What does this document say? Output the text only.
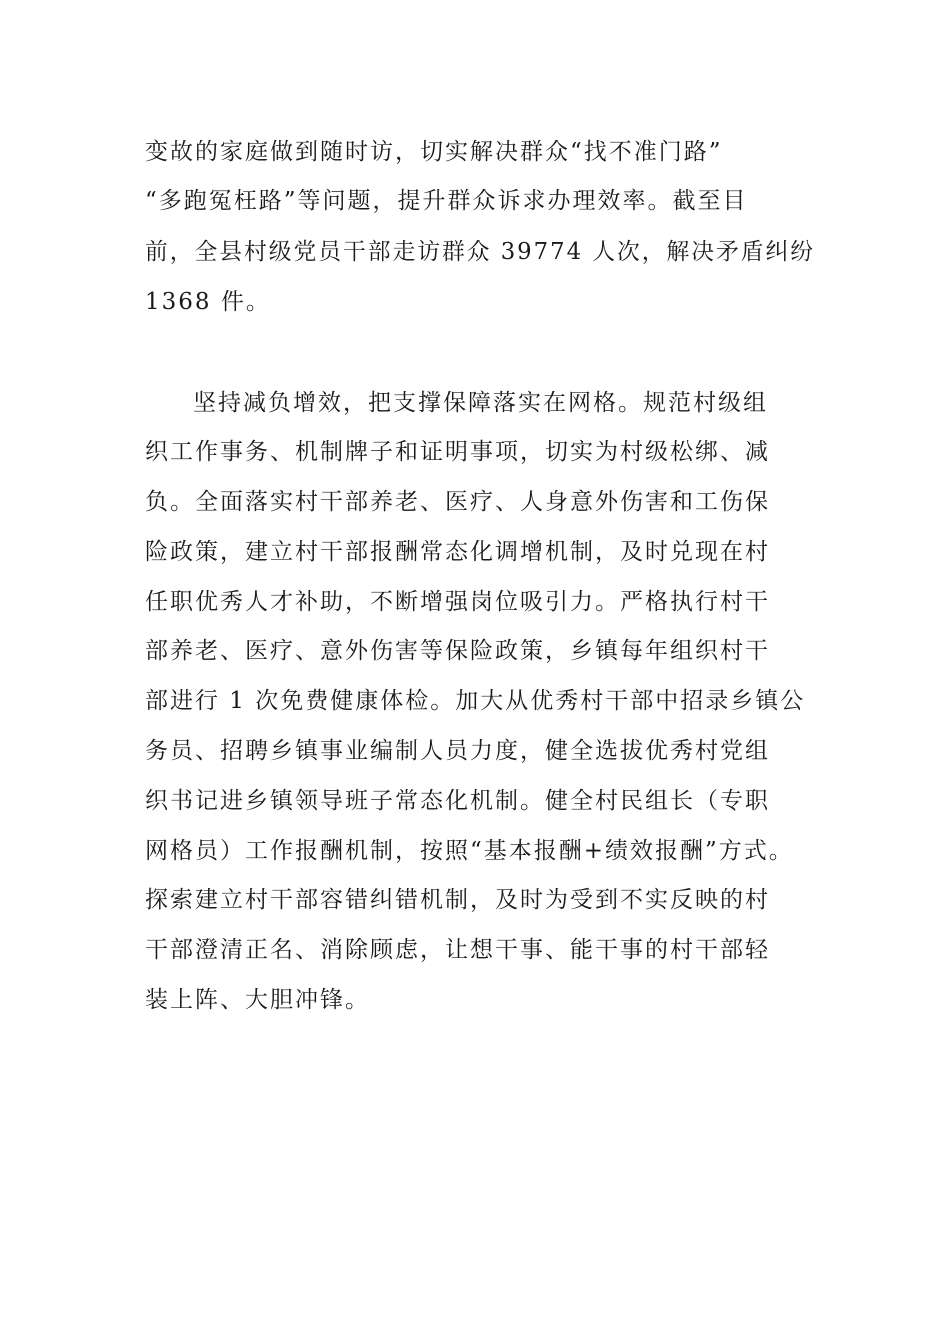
变故的家庭做到随时访，切实解决群众“找不准门路”
“多跑冤枉路”等问题，提升群众诉求办理效率。截至目
前，全县村级党员干部走访群众 39774 人次，解决矛盾纠纷
1368 件。
坚持减负增效，把支撑保障落实在网格。规范村级组
织工作事务、机制牌子和证明事项，切实为村级松绑、减
负。全面落实村干部养老、医疗、人身意外伤害和工伤保
险政策，建立村干部报酬常态化调增机制，及时兑现在村
任职优秀人才补助，不断增强岗位吸引力。严格执行村干
部养老、医疗、意外伤害等保险政策，乡镇每年组织村干
部进行 1 次免费健康体检。加大从优秀村干部中招录乡镇公
务员、招聘乡镇事业编制人员力度，健全选拔优秀村党组
织书记进乡镇领导班子常态化机制。健全村民组长（专职
网格员）工作报酬机制，按照“基本报酬+绩效报酬”方式。
探索建立村干部容错纠错机制，及时为受到不实反映的村
干部澄清正名、消除顾虑，让想干事、能干事的村干部轻
装上阵、大胆冲锋。
